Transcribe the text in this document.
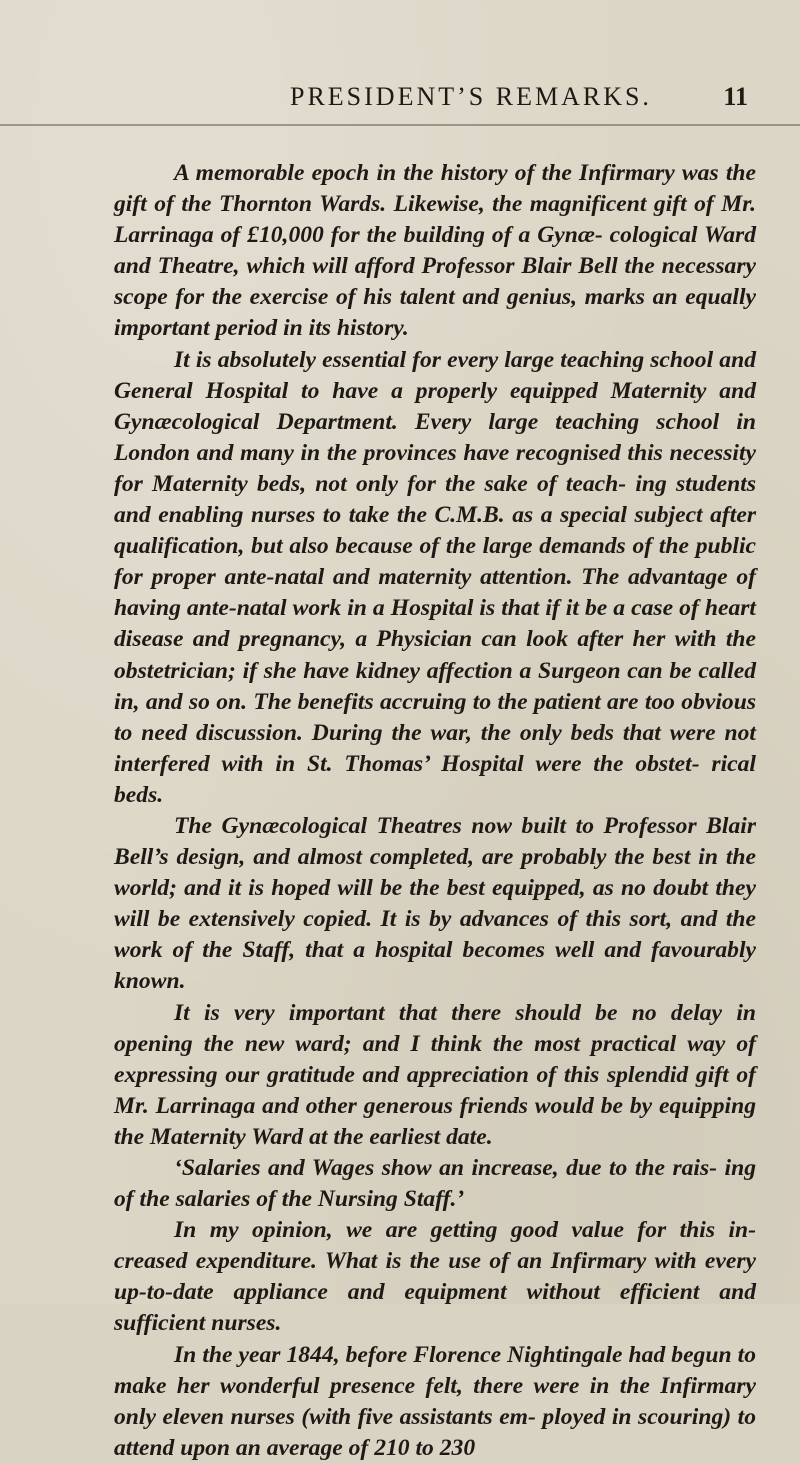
PRESIDENT’S REMARKS.	11

A memorable epoch in the history of the Infirmary was the gift of the Thornton Wards. Likewise, the magnificent gift of Mr. Larrinaga of £10,000 for the building of a Gynæ- cological Ward and Theatre, which will afford Professor Blair Bell the necessary scope for the exercise of his talent and genius, marks an equally important period in its history.

It is absolutely essential for every large teaching school and General Hospital to have a properly equipped Maternity and Gynæcological Department. Every large teaching school in London and many in the provinces have recognised this necessity for Maternity beds, not only for the sake of teach- ing students and enabling nurses to take the C.M.B. as a special subject after qualification, but also because of the large demands of the public for proper ante-natal and maternity attention. The advantage of having ante-natal work in a Hospital is that if it be a case of heart disease and pregnancy, a Physician can look after her with the obstetrician; if she have kidney affection a Surgeon can be called in, and so on. The benefits accruing to the patient are too obvious to need discussion. During the war, the only beds that were not interfered with in St. Thomas’ Hospital were the obstet- rical beds.

The Gynæcological Theatres now built to Professor Blair Bell’s design, and almost completed, are probably the best in the world; and it is hoped will be the best equipped, as no doubt they will be extensively copied. It is by advances of this sort, and the work of the Staff, that a hospital becomes well and favourably known.

It is very important that there should be no delay in opening the new ward; and I think the most practical way of expressing our gratitude and appreciation of this splendid gift of Mr. Larrinaga and other generous friends would be by equipping the Maternity Ward at the earliest date.

‘Salaries and Wages show an increase, due to the rais- ing of the salaries of the Nursing Staff.’

In my opinion, we are getting good value for this in- creased expenditure. What is the use of an Infirmary with every up-to-date appliance and equipment without efficient and sufficient nurses.

In the year 1844, before Florence Nightingale had begun to make her wonderful presence felt, there were in the Infirmary only eleven nurses (with five assistants em- ployed in scouring) to attend upon an average of 210 to 230
